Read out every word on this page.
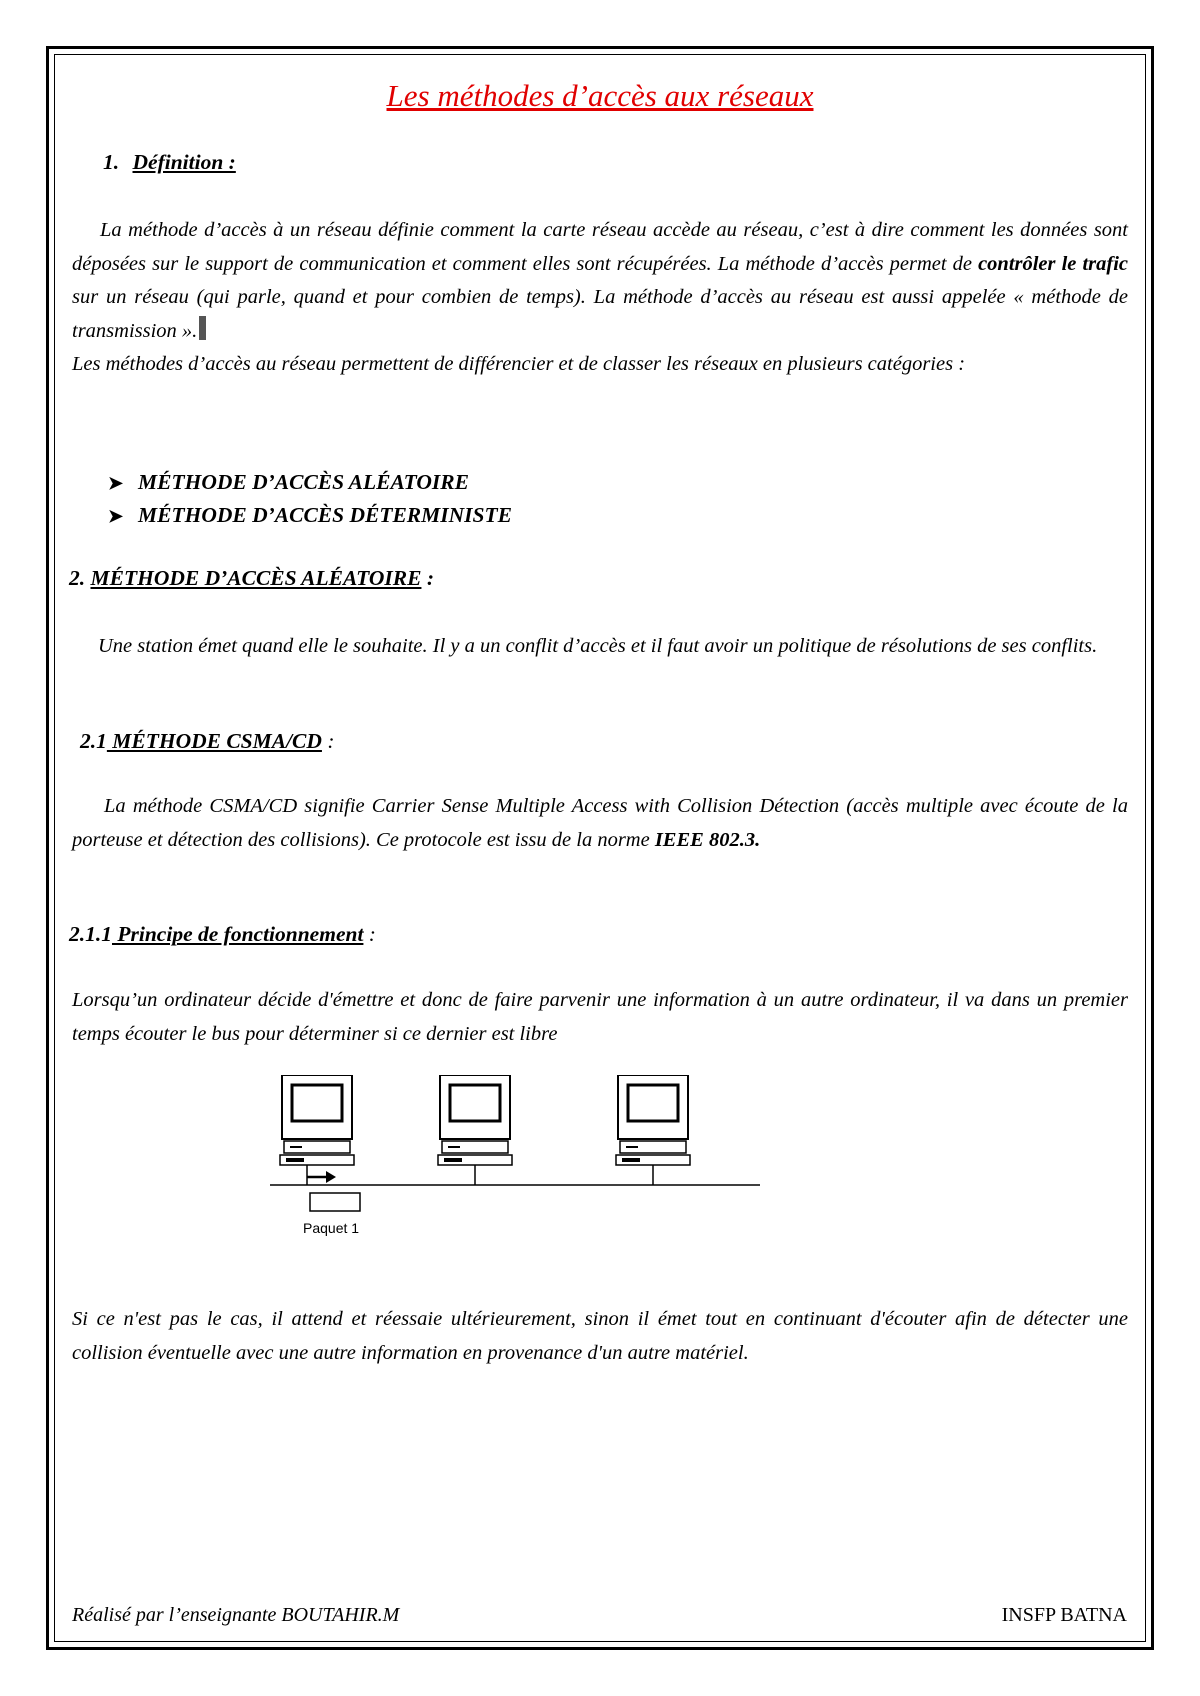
Les méthodes d’accès aux réseaux
1. Définition :

La méthode d’accès à un réseau définie comment la carte réseau accède au réseau, c’est à dire comment les données sont déposées sur le support de communication et comment elles sont récupérées. La méthode d’accès permet de contrôler le trafic sur un réseau (qui parle, quand et pour combien de temps). La méthode d’accès au réseau est aussi appelée « méthode de transmission ».

Les méthodes d’accès au réseau permettent de différencier et de classer les réseaux en plusieurs catégories :

➤ MÉTHODE D’ACCÈS ALÉATOIRE
➤ MÉTHODE D’ACCÈS DÉTERMINISTE
2. MÉTHODE D’ACCÈS ALÉATOIRE :

Une station émet quand elle le souhaite. Il y a un conflit d’accès et il faut avoir un politique de résolutions de ses conflits.

2.1 MÉTHODE CSMA/CD :

La méthode CSMA/CD signifie Carrier Sense Multiple Access with Collision Détection (accès multiple avec écoute de la porteuse et détection des collisions). Ce protocole est issu de la norme IEEE 802.3.

2.1.1 Principe de fonctionnement :

Lorsqu’un ordinateur décide d'émettre et donc de faire parvenir une information à un autre ordinateur, il va dans un premier temps écouter le bus pour déterminer si ce dernier est libre

Paquet 1

Si ce n'est pas le cas, il attend et réessaie ultérieurement, sinon il émet tout en continuant d'écouter afin de détecter une collision éventuelle avec une autre information en provenance d'un autre matériel.

Réalisé par l’enseignante BOUTAHIR.M	INSFP BATNA
